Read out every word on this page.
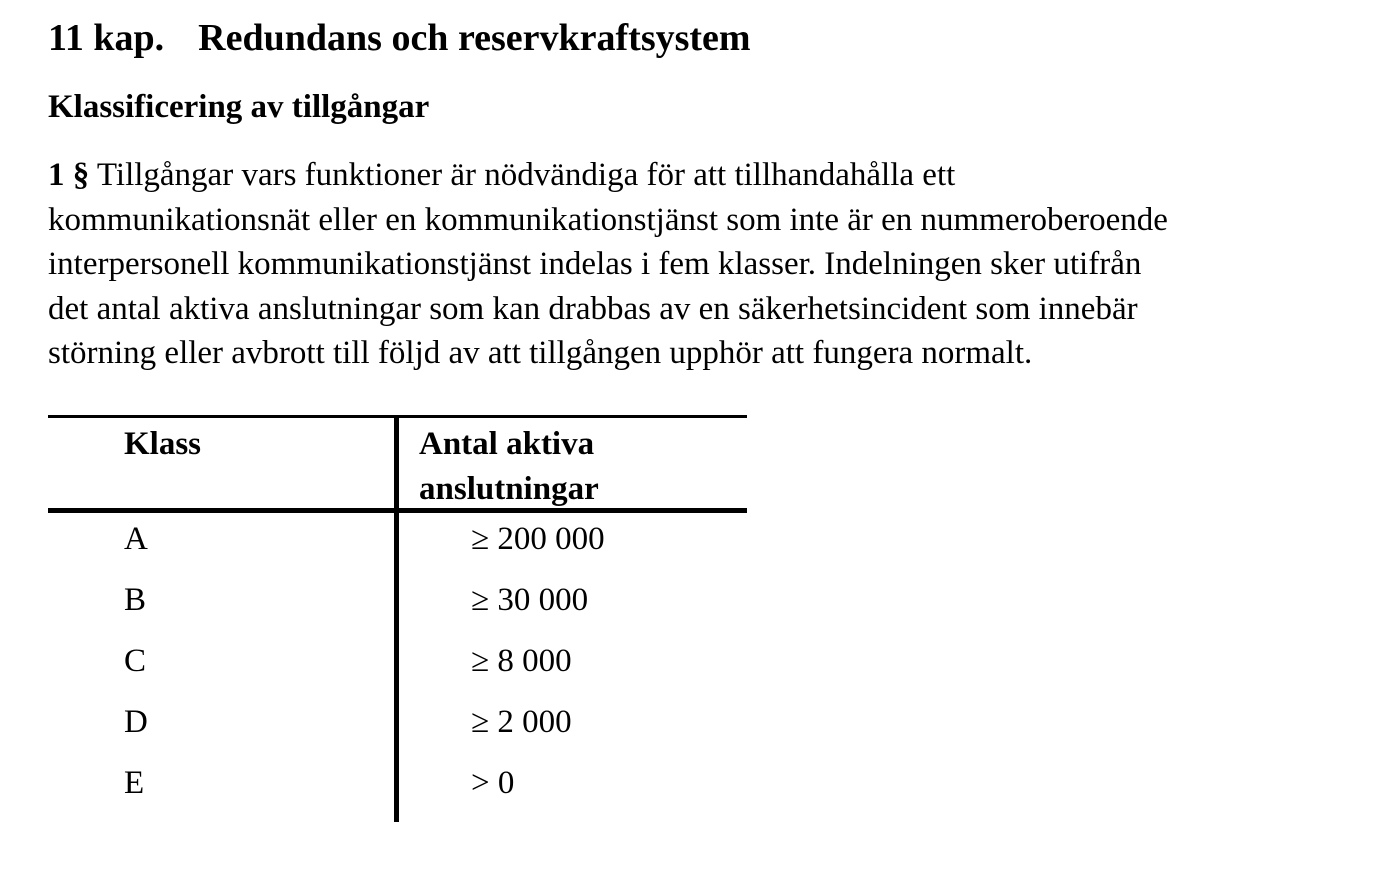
11 kap. Redundans och reservkraftsystem
Klassificering av tillgångar

1 § Tillgångar vars funktioner är nödvändiga för att tillhandahålla ett
kommunikationsnät eller en kommunikationstjänst som inte är en nummeroberoende
interpersonell kommunikationstjänst indelas i fem klasser. Indelningen sker utifrån
det antal aktiva anslutningar som kan drabbas av en säkerhetsincident som innebär
störning eller avbrott till följd av att tillgången upphör att fungera normalt.

Klass	Antal aktiva
anslutningar
A	≥ 200 000
B	≥ 30 000
C	≥ 8 000
D	≥ 2 000
E	> 0
